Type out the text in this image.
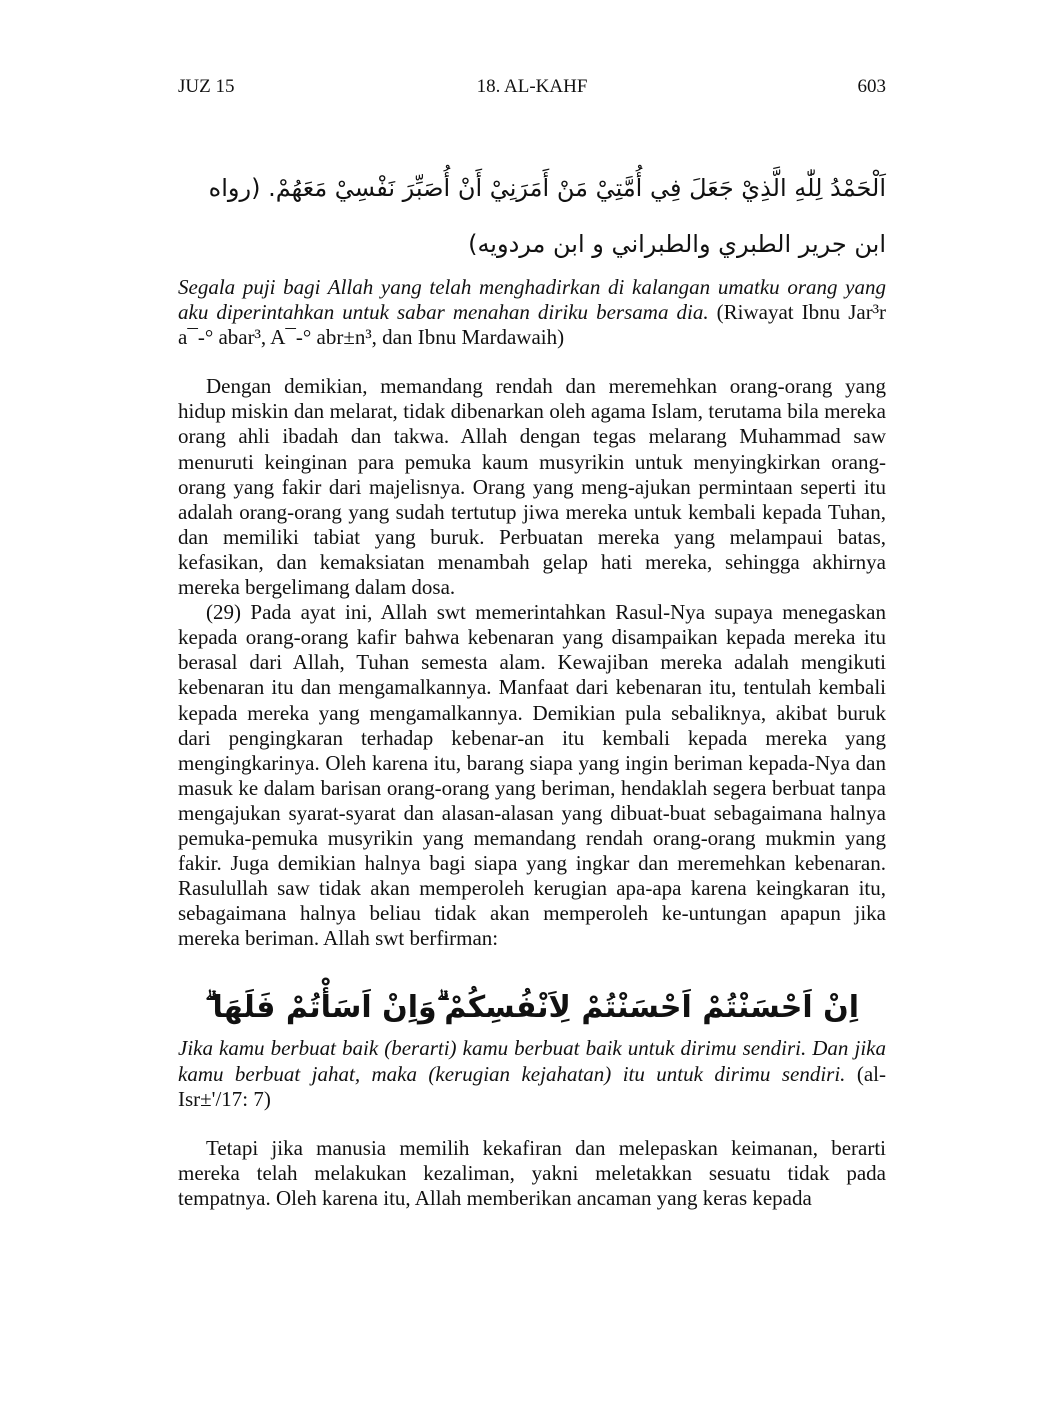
JUZ 15	18. AL-KAHF	603

اَلْحَمْدُ لِلّٰهِ الَّذِيْ جَعَلَ فِي أُمَّتِيْ مَنْ أَمَرَنِيْ أَنْ أُصَبِّرَ نَفْسِيْ مَعَهُمْ. (رواه ابن جرير الطبري والطبراني و ابن مردويه)

Segala puji bagi Allah yang telah menghadirkan di kalangan umatku orang yang aku diperintahkan untuk sabar menahan diriku bersama dia. (Riwayat Ibnu Jar³r a¯-° abar³, A¯-° abr±n³, dan Ibnu Mardawaih)

Dengan demikian, memandang rendah dan meremehkan orang-orang yang hidup miskin dan melarat, tidak dibenarkan oleh agama Islam, terutama bila mereka orang ahli ibadah dan takwa. Allah dengan tegas melarang Muhammad saw menuruti keinginan para pemuka kaum musyrikin untuk menyingkirkan orang-orang yang fakir dari majelisnya. Orang yang meng-ajukan permintaan seperti itu adalah orang-orang yang sudah tertutup jiwa mereka untuk kembali kepada Tuhan, dan memiliki tabiat yang buruk. Perbuatan mereka yang melampaui batas, kefasikan, dan kemaksiatan menambah gelap hati mereka, sehingga akhirnya mereka bergelimang dalam dosa.

(29) Pada ayat ini, Allah swt memerintahkan Rasul-Nya supaya menegaskan kepada orang-orang kafir bahwa kebenaran yang disampaikan kepada mereka itu berasal dari Allah, Tuhan semesta alam. Kewajiban mereka adalah mengikuti kebenaran itu dan mengamalkannya. Manfaat dari kebenaran itu, tentulah kembali kepada mereka yang mengamalkannya. Demikian pula sebaliknya, akibat buruk dari pengingkaran terhadap kebenar-an itu kembali kepada mereka yang mengingkarinya. Oleh karena itu, barang siapa yang ingin beriman kepada-Nya dan masuk ke dalam barisan orang-orang yang beriman, hendaklah segera berbuat tanpa mengajukan syarat-syarat dan alasan-alasan yang dibuat-buat sebagaimana halnya pemuka-pemuka musyrikin yang memandang rendah orang-orang mukmin yang fakir. Juga demikian halnya bagi siapa yang ingkar dan meremehkan kebenaran. Rasulullah saw tidak akan memperoleh kerugian apa-apa karena keingkaran itu, sebagaimana halnya beliau tidak akan memperoleh ke-untungan apapun jika mereka beriman. Allah swt berfirman:

اِنْ اَحْسَنْتُمْ اَحْسَنْتُمْ لِاَنْفُسِكُمْ ۗوَاِنْ اَسَأْتُمْ فَلَهَا ۗ

Jika kamu berbuat baik (berarti) kamu berbuat baik untuk dirimu sendiri. Dan jika kamu berbuat jahat, maka (kerugian kejahatan) itu untuk dirimu sendiri. (al-Isr±'/17: 7)

Tetapi jika manusia memilih kekafiran dan melepaskan keimanan, berarti mereka telah melakukan kezaliman, yakni meletakkan sesuatu tidak pada tempatnya. Oleh karena itu, Allah memberikan ancaman yang keras kepada
